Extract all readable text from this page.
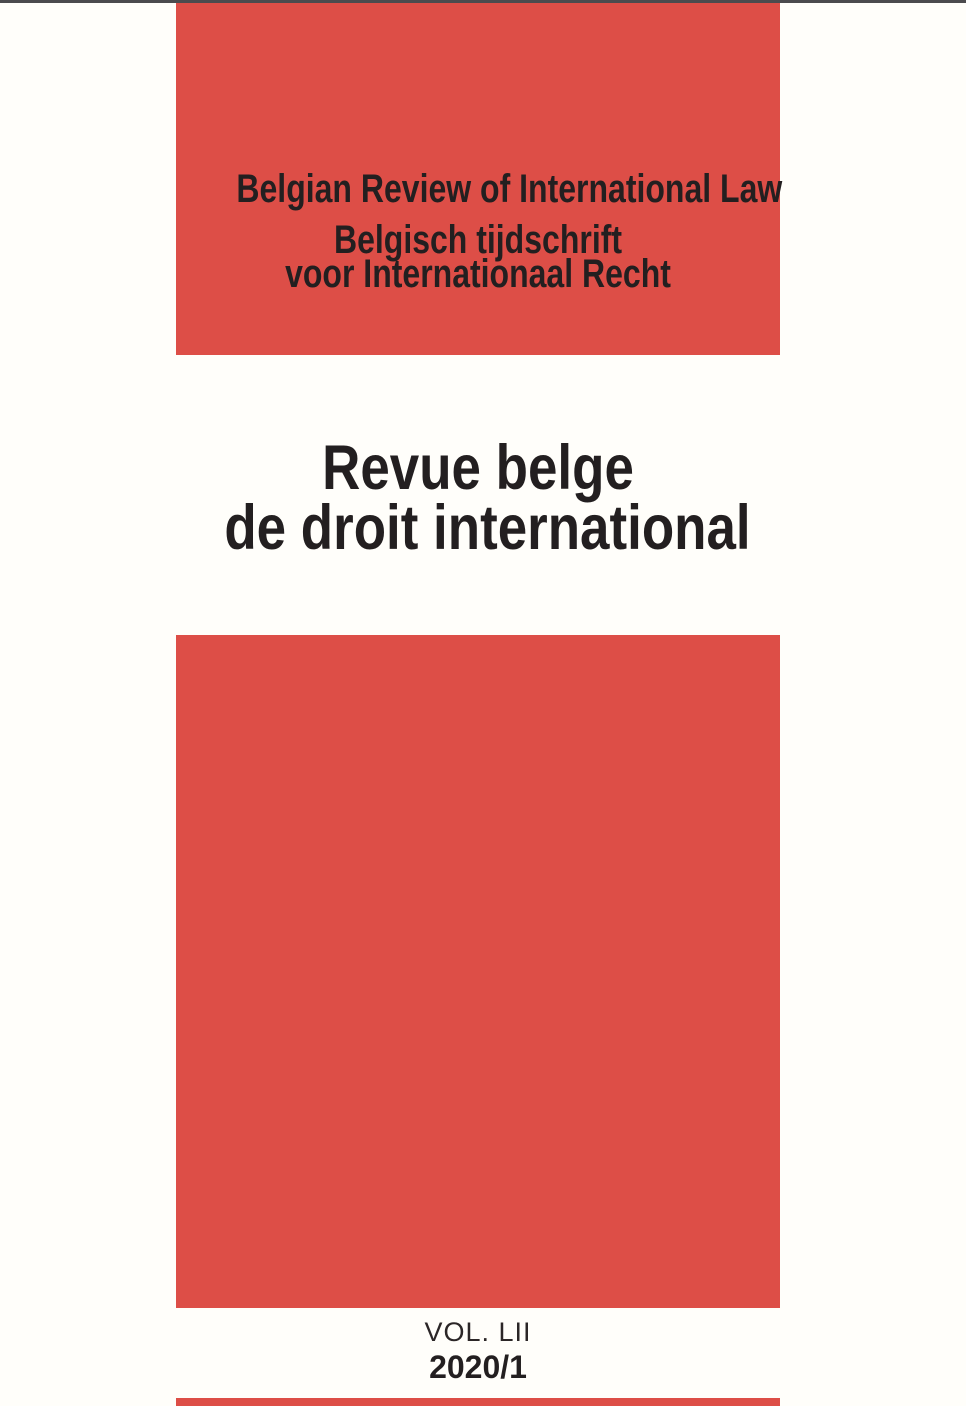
Belgian Review of International Law
Belgisch tijdschrift
voor Internationaal Recht
Revue belge
de droit international
VOL. LII
2020/1
